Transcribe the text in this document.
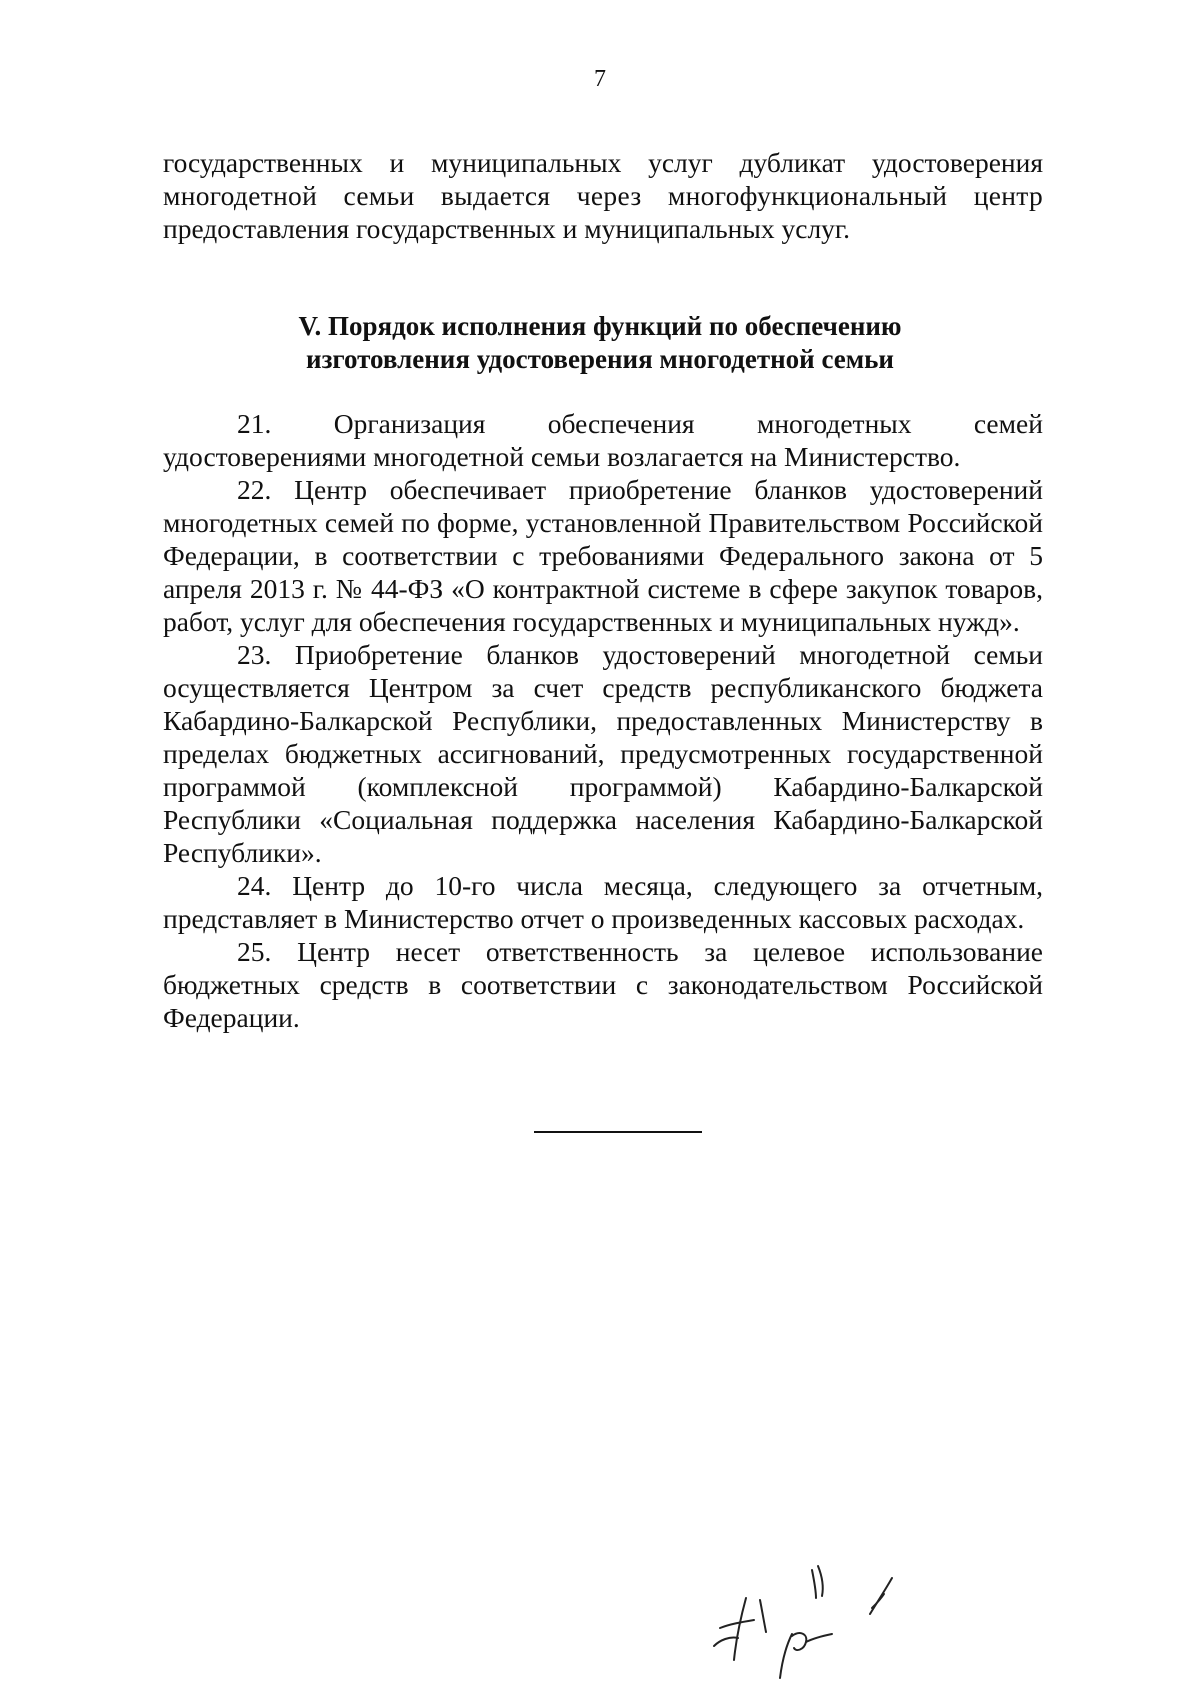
7
государственных и муниципальных услуг дубликат удостоверения
многодетной семьи выдается через многофункциональный центр
предоставления государственных и муниципальных услуг.
V. Порядок исполнения функций по обеспечению
изготовления удостоверения многодетной семьи
21. Организация обеспечения многодетных семей
удостоверениями многодетной семьи возлагается на Министерство.

22. Центр обеспечивает приобретение бланков удостоверений многодетных семей по форме, установленной Правительством Российской Федерации, в соответствии с требованиями Федерального закона от 5 апреля 2013 г. № 44-ФЗ «О контрактной системе в сфере закупок товаров, работ, услуг для обеспечения государственных и муниципальных нужд».

23. Приобретение бланков удостоверений многодетной семьи осуществляется Центром за счет средств республиканского бюджета Кабардино-Балкарской Республики, предоставленных Министерству в пределах бюджетных ассигнований, предусмотренных государственной программой (комплексной программой) Кабардино-Балкарской Республики «Социальная поддержка населения Кабардино-Балкарской Республики».

24. Центр до 10-го числа месяца, следующего за отчетным, представляет в Министерство отчет о произведенных кассовых расходах.

25. Центр несет ответственность за целевое использование бюджетных средств в соответствии с законодательством Российской Федерации.
